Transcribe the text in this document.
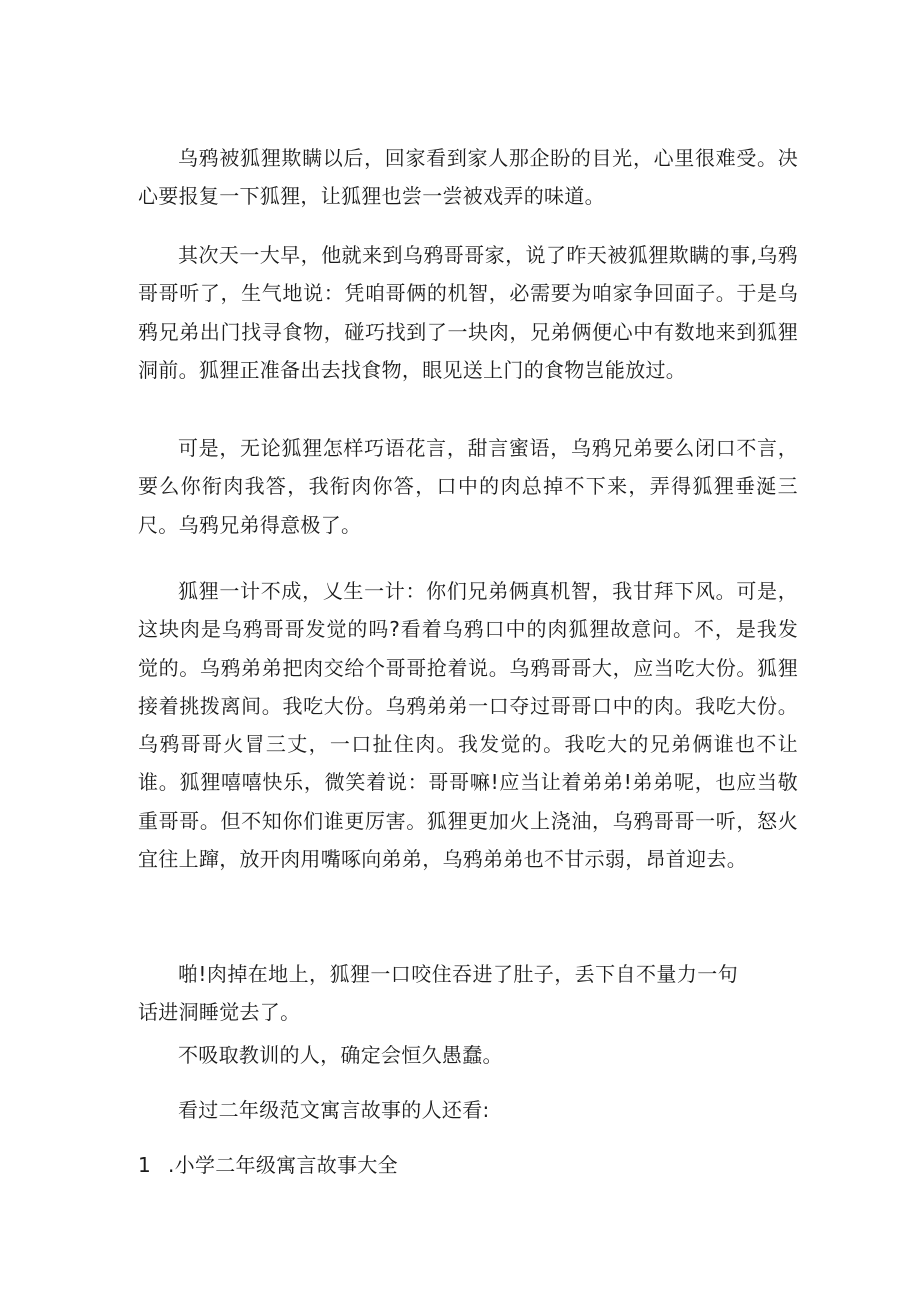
乌鸦被狐狸欺瞒以后，回家看到家人那企盼的目光，心里很难受。决心要报复一下狐狸，让狐狸也尝一尝被戏弄的味道。

其次天一大早，他就来到乌鸦哥哥家，说了昨天被狐狸欺瞒的事,乌鸦哥哥听了，生气地说：凭咱哥俩的机智，必需要为咱家争回面子。于是乌鸦兄弟出门找寻食物，碰巧找到了一块肉，兄弟俩便心中有数地来到狐狸洞前。狐狸正准备出去找食物，眼见送上门的食物岂能放过。

可是，无论狐狸怎样巧语花言，甜言蜜语，乌鸦兄弟要么闭口不言，要么你衔肉我答，我衔肉你答，口中的肉总掉不下来，弄得狐狸垂涎三尺。乌鸦兄弟得意极了。

狐狸一计不成，乂生一计：你们兄弟俩真机智，我甘拜下风。可是，这块肉是乌鸦哥哥发觉的吗?看着乌鸦口中的肉狐狸故意问。不，是我发觉的。乌鸦弟弟把肉交给个哥哥抢着说。乌鸦哥哥大，应当吃大份。狐狸接着挑拨离间。我吃大份。乌鸦弟弟一口夺过哥哥口中的肉。我吃大份。乌鸦哥哥火冒三丈，一口扯住肉。我发觉的。我吃大的兄弟俩谁也不让谁。狐狸嘻嘻快乐，微笑着说：哥哥嘛!应当让着弟弟!弟弟呢，也应当敬重哥哥。但不知你们谁更厉害。狐狸更加火上浇油，乌鸦哥哥一听，怒火宜往上蹿，放开肉用嘴啄向弟弟，乌鸦弟弟也不甘示弱，昂首迎去。

啪!肉掉在地上，狐狸一口咬住吞进了肚子，丢下自不量力一句话进洞睡觉去了。

不吸取教训的人，确定会恒久愚蠢。

看过二年级范文寓言故事的人还看:

1 .小学二年级寓言故事大全
